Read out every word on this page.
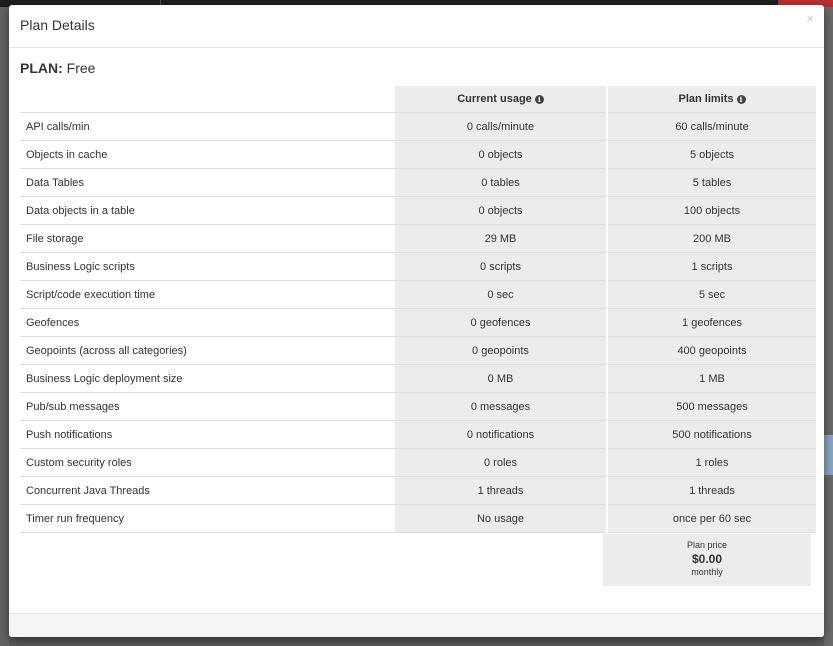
Plan Details	×
PLAN: Free
	Current usage i		Plan limits i
API calls/min	0 calls/minute		60 calls/minute
Objects in cache	0 objects		5 objects
Data Tables	0 tables		5 tables
Data objects in a table	0 objects		100 objects
File storage	29 MB		200 MB
Business Logic scripts	0 scripts		1 scripts
Script/code execution time	0 sec		5 sec
Geofences	0 geofences		1 geofences
Geopoints (across all categories)	0 geopoints		400 geopoints
Business Logic deployment size	0 MB		1 MB
Pub/sub messages	0 messages		500 messages
Push notifications	0 notifications		500 notifications
Custom security roles	0 roles		1 roles
Concurrent Java Threads	1 threads		1 threads
Timer run frequency	No usage		once per 60 sec
Plan price
$0.00
monthly
